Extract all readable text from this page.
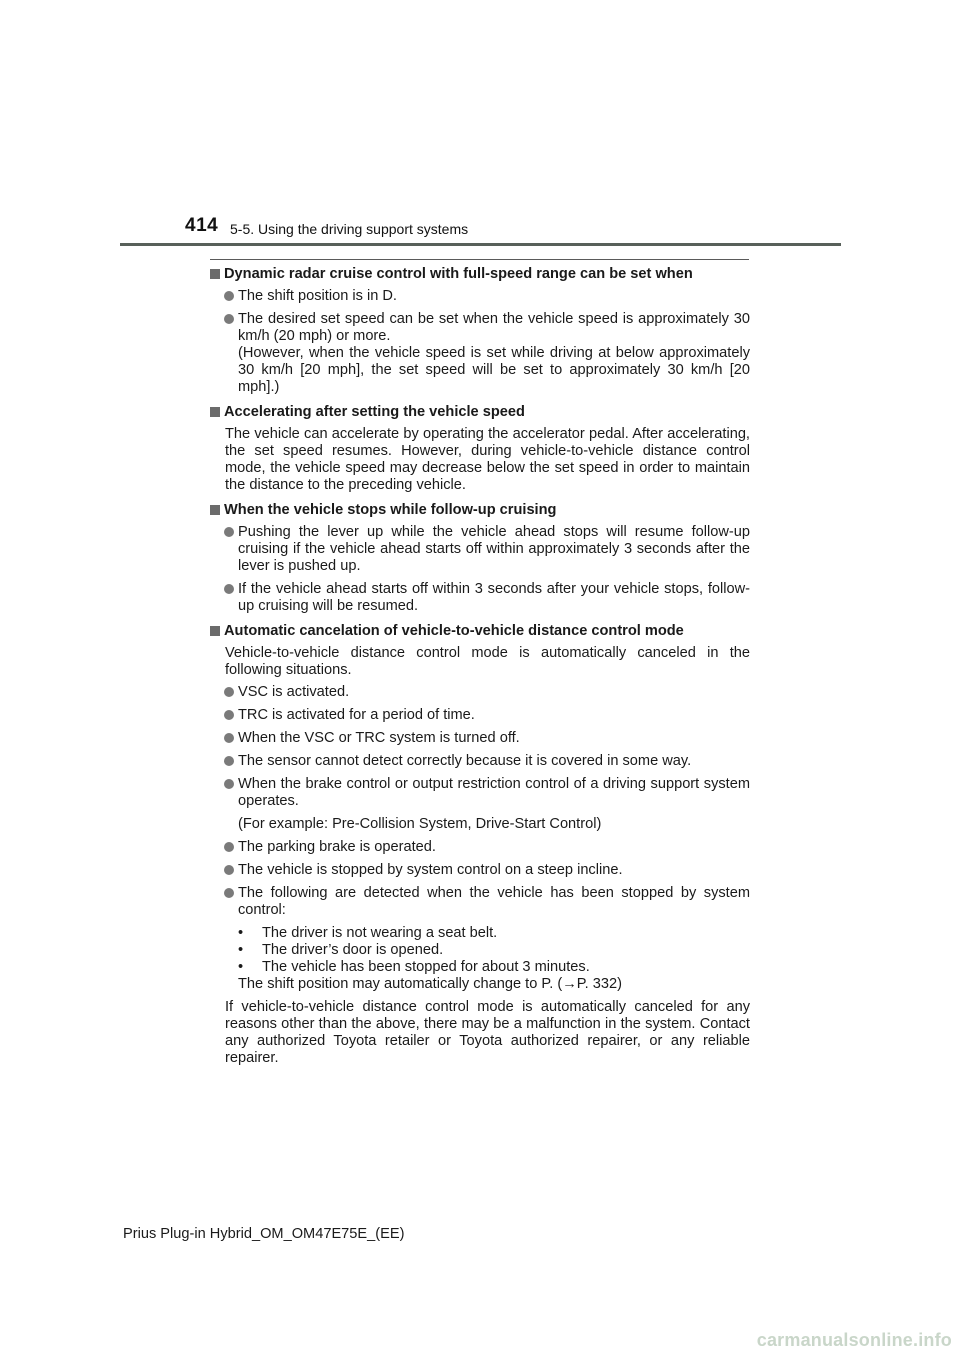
414 5-5. Using the driving support systems
Dynamic radar cruise control with full-speed range can be set when
The shift position is in D.
The desired set speed can be set when the vehicle speed is approximately 30 km/h (20 mph) or more.
(However, when the vehicle speed is set while driving at below approximately 30 km/h [20 mph], the set speed will be set to approximately 30 km/h [20 mph].)
Accelerating after setting the vehicle speed
The vehicle can accelerate by operating the accelerator pedal. After accelerating, the set speed resumes. However, during vehicle-to-vehicle distance control mode, the vehicle speed may decrease below the set speed in order to maintain the distance to the preceding vehicle.
When the vehicle stops while follow-up cruising
Pushing the lever up while the vehicle ahead stops will resume follow-up cruising if the vehicle ahead starts off within approximately 3 seconds after the lever is pushed up.
If the vehicle ahead starts off within 3 seconds after your vehicle stops, follow-up cruising will be resumed.
Automatic cancelation of vehicle-to-vehicle distance control mode
Vehicle-to-vehicle distance control mode is automatically canceled in the following situations.
VSC is activated.
TRC is activated for a period of time.
When the VSC or TRC system is turned off.
The sensor cannot detect correctly because it is covered in some way.
When the brake control or output restriction control of a driving support system operates.
(For example: Pre-Collision System, Drive-Start Control)
The parking brake is operated.
The vehicle is stopped by system control on a steep incline.
The following are detected when the vehicle has been stopped by system control:
• The driver is not wearing a seat belt.
• The driver’s door is opened.
• The vehicle has been stopped for about 3 minutes.
The shift position may automatically change to P. (→P. 332)
If vehicle-to-vehicle distance control mode is automatically canceled for any reasons other than the above, there may be a malfunction in the system. Contact any authorized Toyota retailer or Toyota authorized repairer, or any reliable repairer.
Prius Plug-in Hybrid_OM_OM47E75E_(EE)
carmanualsonline.info
